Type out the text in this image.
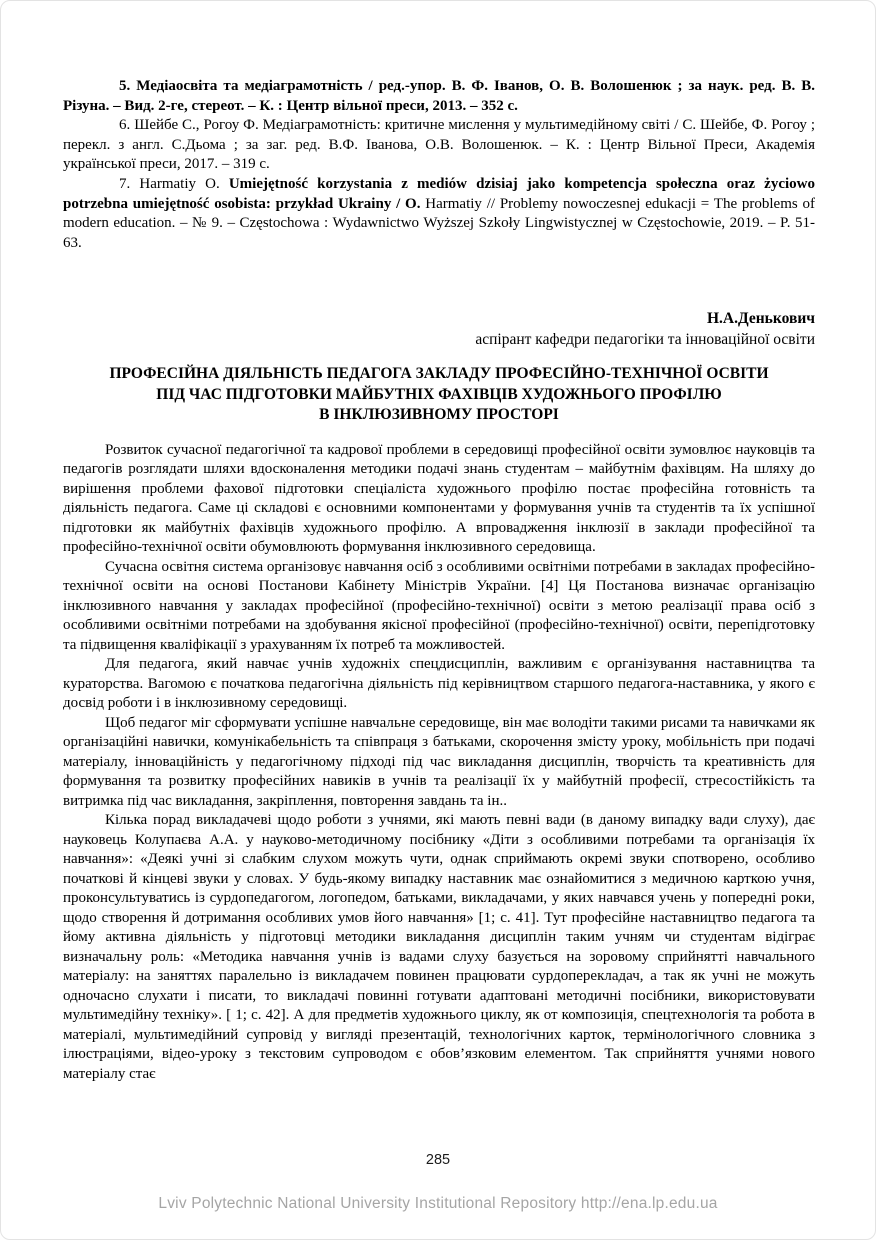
5. Медіаосвіта та медіаграмотність / ред.-упор. В. Ф. Іванов, О. В. Волошенюк ; за наук. ред. В. В. Різуна. – Вид. 2-ге, стереот. – К. : Центр вільної преси, 2013. – 352 с.

6. Шейбе С., Рогоу Ф. Медіаграмотність: критичне мислення у мультимедійному світі / С. Шейбе, Ф. Рогоу ; перекл. з англ. С.Дьома ; за заг. ред. В.Ф. Іванова, О.В. Волошенюк. – К. : Центр Вільної Преси, Академія української преси, 2017. – 319 с.

7. Harmatiy O. Umiejętność korzystania z mediów dzisiaj jako kompetencja społeczna oraz życiowo potrzebna umiejętność osobista: przykład Ukrainy / O. Harmatiy // Problemy nowoczesnej edukacji = The problems of modern education. – № 9. – Częstochowa : Wydawnictwo Wyższej Szkoły Lingwistycznej w Częstochowie, 2019. – P. 51-63.

Н.А.Денькович
аспірант кафедри педагогіки та інноваційної освіти
ПРОФЕСІЙНА ДІЯЛЬНІСТЬ ПЕДАГОГА ЗАКЛАДУ ПРОФЕСІЙНО-ТЕХНІЧНОЇ ОСВІТИ
ПІД ЧАС ПІДГОТОВКИ МАЙБУТНІХ ФАХІВЦІВ ХУДОЖНЬОГО ПРОФІЛЮ
В ІНКЛЮЗИВНОМУ ПРОСТОРІ

Розвиток сучасної педагогічної та кадрової проблеми в середовищі професійної освіти зумовлює науковців та педагогів розглядати шляхи вдосконалення методики подачі знань студентам – майбутнім фахівцям. На шляху до вирішення проблеми фахової підготовки спеціаліста художнього профілю постає професійна готовність та діяльність педагога. Саме ці складові є основними компонентами у формування учнів та студентів та їх успішної підготовки як майбутніх фахівців художнього профілю. А впровадження інклюзії в заклади професійної та професійно-технічної освіти обумовлюють формування інклюзивного середовища.

Сучасна освітня система організовує навчання осіб з особливими освітніми потребами в закладах професійно-технічної освіти на основі Постанови Кабінету Міністрів України. [4] Ця Постанова визначає організацію інклюзивного навчання у закладах професійної (професійно-технічної) освіти з метою реалізації права осіб з особливими освітніми потребами на здобування якісної професійної (професійно-технічної) освіти, перепідготовку та підвищення кваліфікації з урахуванням їх потреб та можливостей.

Для педагога, який навчає учнів художніх спецдисциплін, важливим є організування наставництва та кураторства. Вагомою є початкова педагогічна діяльність під керівництвом старшого педагога-наставника, у якого є досвід роботи і в інклюзивному середовищі.

Щоб педагог міг сформувати успішне навчальне середовище, він має володіти такими рисами та навичками як організаційні навички, комунікабельність та співпраця з батьками, скорочення змісту уроку, мобільність при подачі матеріалу, інноваційність у педагогічному підході під час викладання дисциплін, творчість та креативність для формування та розвитку професійних навиків в учнів та реалізації їх у майбутній професії, стресостійкість та витримка під час викладання, закріплення, повторення завдань та ін..

Кілька порад викладачеві щодо роботи з учнями, які мають певні вади (в даному випадку вади слуху), дає науковець Колупаєва А.А. у науково-методичному посібнику «Діти з особливими потребами та організація їх навчання»: «Деякі учні зі слабким слухом можуть чути, однак сприймають окремі звуки спотворено, особливо початкові й кінцеві звуки у словах. У будь-якому випадку наставник має ознайомитися з медичною карткою учня, проконсультуватись із сурдопедагогом, логопедом, батьками, викладачами, у яких навчався учень у попередні роки, щодо створення й дотримання особливих умов його навчання» [1; с. 41]. Тут професійне наставництво педагога та йому активна діяльність у підготовці методики викладання дисциплін таким учням чи студентам відіграє визначальну роль: «Методика навчання учнів із вадами слуху базується на зоровому сприйнятті навчального матеріалу: на заняттях паралельно із викладачем повинен працювати сурдоперекладач, а так як учні не можуть одночасно слухати і писати, то викладачі повинні готувати адаптовані методичні посібники, використовувати мультимедійну техніку». [ 1; с. 42]. А для предметів художнього циклу, як от композиція, спецтехнологія та робота в матеріалі, мультимедійний супровід у вигляді презентацій, технологічних карток, термінологічного словника з ілюстраціями, відео-уроку з текстовим супроводом є обов’язковим елементом. Так сприйняття учнями нового матеріалу стає

285
Lviv Polytechnic National University Institutional Repository http://ena.lp.edu.ua
